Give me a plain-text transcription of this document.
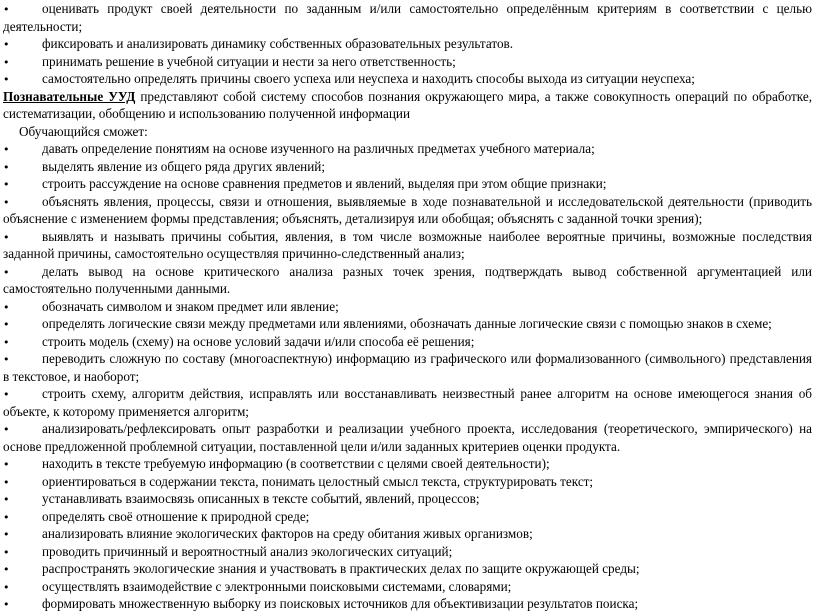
•
оценивать продукт своей деятельности по заданным и/или самостоятельно определённым критериям в соответствии с целью деятельности;

•
фиксировать и анализировать динамику собственных образовательных результатов.

•
принимать решение в учебной ситуации и нести за него ответственность;

•
самостоятельно определять причины своего успеха или неуспеха и находить способы выхода из ситуации неуспеха;

Познавательные УУД представляют собой систему способов познания окружающего мира, а также совокупность операций по обработке, систематизации, обобщению и использованию полученной информации

Обучающийся сможет:

•
давать определение понятиям на основе изученного на различных предметах учебного материала;

•
выделять явление из общего ряда других явлений;

•
строить рассуждение на основе сравнения предметов и явлений, выделяя при этом общие признаки;

•
объяснять явления, процессы, связи и отношения, выявляемые в ходе познавательной и исследовательской деятельности (приводить объяснение с изменением формы представления; объяснять, детализируя или обобщая; объяснять с заданной точки зрения);

•
выявлять и называть причины события, явления, в том числе возможные наиболее вероятные причины, возможные последствия заданной причины, самостоятельно осуществляя причинно-следственный анализ;

•
делать вывод на основе критического анализа разных точек зрения, подтверждать вывод собственной аргументацией или самостоятельно полученными данными.

•
обозначать символом и знаком предмет или явление;

•
определять логические связи между предметами или явлениями, обозначать данные логические связи с помощью знаков в схеме;

•
строить модель (схему) на основе условий задачи и/или способа её решения;

•
переводить сложную по составу (многоаспектную) информацию из графического или формализованного (символьного) представления в текстовое, и наоборот;

•
строить схему, алгоритм действия, исправлять или восстанавливать неизвестный ранее алгоритм на основе имеющегося знания об объекте, к которому применяется алгоритм;

•
анализировать/рефлексировать опыт разработки и реализации учебного проекта, исследования (теоретического, эмпирического) на основе предложенной проблемной ситуации, поставленной цели и/или заданных критериев оценки продукта.

•
находить в тексте требуемую информацию (в соответствии с целями своей деятельности);

•
ориентироваться в содержании текста, понимать целостный смысл текста, структурировать текст;

•
устанавливать взаимосвязь описанных в тексте событий, явлений, процессов;

•
определять своё отношение к природной среде;

•
анализировать влияние экологических факторов на среду обитания живых организмов;

•
проводить причинный и вероятностный анализ экологических ситуаций;

•
распространять экологические знания и участвовать в практических делах по защите окружающей среды;

•
осуществлять взаимодействие с электронными поисковыми системами, словарями;

•
формировать множественную выборку из поисковых источников для объективизации результатов поиска;
